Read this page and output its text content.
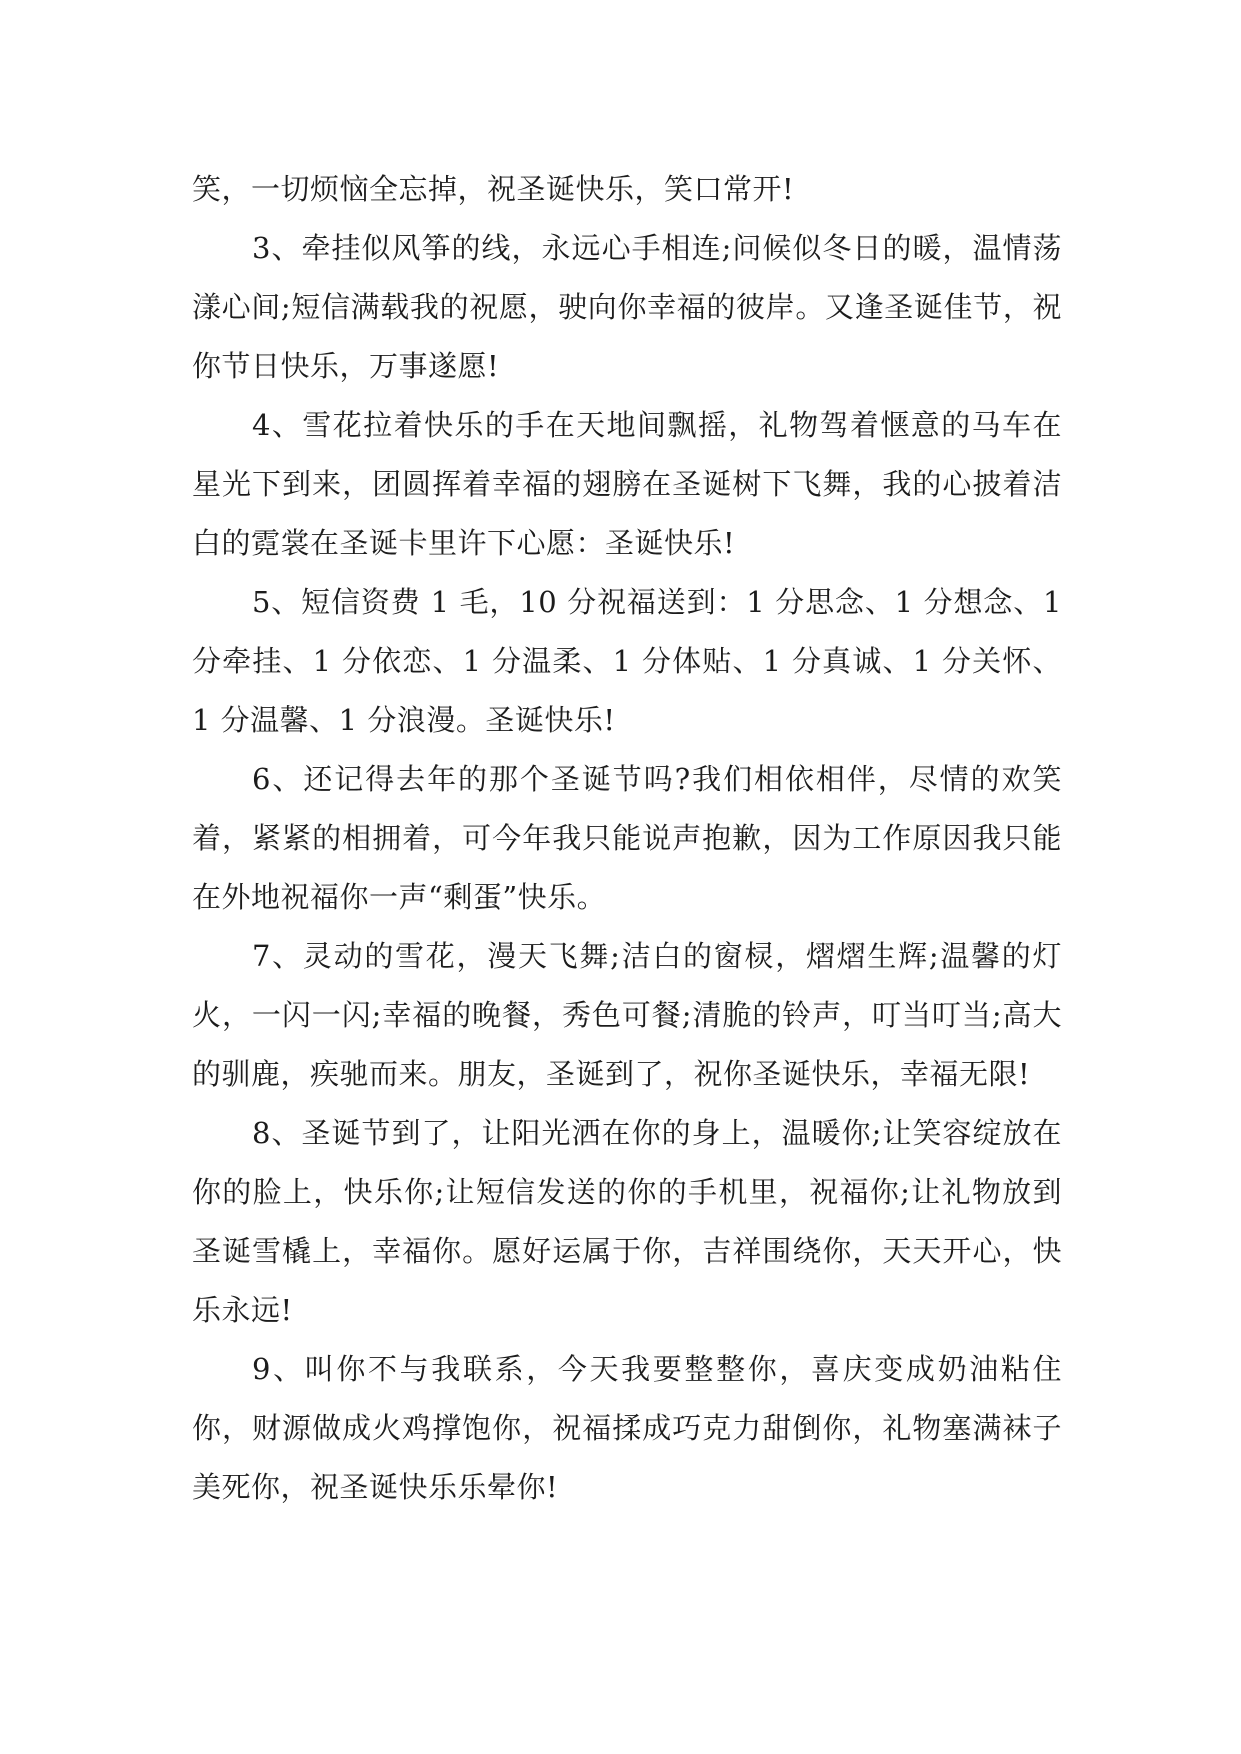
笑，一切烦恼全忘掉，祝圣诞快乐，笑口常开!

3、牵挂似风筝的线，永远心手相连;问候似冬日的暖，温情荡漾心间;短信满载我的祝愿，驶向你幸福的彼岸。又逢圣诞佳节，祝你节日快乐，万事遂愿!

4、雪花拉着快乐的手在天地间飘摇，礼物驾着惬意的马车在星光下到来，团圆挥着幸福的翅膀在圣诞树下飞舞，我的心披着洁白的霓裳在圣诞卡里许下心愿：圣诞快乐!

5、短信资费 1 毛，10 分祝福送到：1 分思念、1 分想念、1 分牵挂、1 分依恋、1 分温柔、1 分体贴、1 分真诚、1 分关怀、1 分温馨、1 分浪漫。圣诞快乐!

6、还记得去年的那个圣诞节吗?我们相依相伴，尽情的欢笑着，紧紧的相拥着，可今年我只能说声抱歉，因为工作原因我只能在外地祝福你一声“剩蛋”快乐。

7、灵动的雪花，漫天飞舞;洁白的窗棂，熠熠生辉;温馨的灯火，一闪一闪;幸福的晚餐，秀色可餐;清脆的铃声，叮当叮当;高大的驯鹿，疾驰而来。朋友，圣诞到了，祝你圣诞快乐，幸福无限!

8、圣诞节到了，让阳光洒在你的身上，温暖你;让笑容绽放在你的脸上，快乐你;让短信发送的你的手机里，祝福你;让礼物放到圣诞雪橇上，幸福你。愿好运属于你，吉祥围绕你，天天开心，快乐永远!

9、叫你不与我联系，今天我要整整你，喜庆变成奶油粘住你，财源做成火鸡撑饱你，祝福揉成巧克力甜倒你，礼物塞满袜子美死你，祝圣诞快乐乐晕你!
